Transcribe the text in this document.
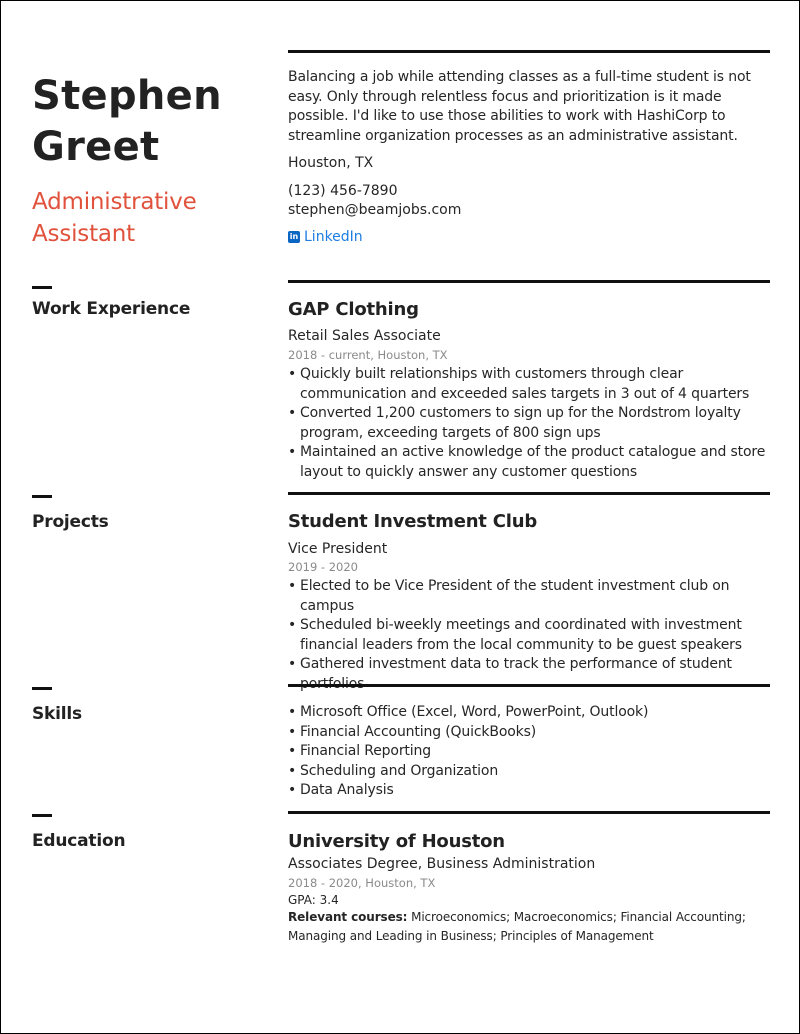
Stephen
Greet
Administrative
Assistant
Balancing a job while attending classes as a full-time student is not easy. Only through relentless focus and prioritization is it made possible. I'd like to use those abilities to work with HashiCorp to streamline organization processes as an administrative assistant.
Houston, TX
(123) 456-7890
stephen@beamjobs.com
in LinkedIn
Work Experience	GAP Clothing
Retail Sales Associate
2018 - current, Houston, TX
• Quickly built relationships with customers through clear communication and exceeded sales targets in 3 out of 4 quarters
• Converted 1,200 customers to sign up for the Nordstrom loyalty program, exceeding targets of 800 sign ups
• Maintained an active knowledge of the product catalogue and store layout to quickly answer any customer questions
Projects	Student Investment Club
Vice President
2019 - 2020
• Elected to be Vice President of the student investment club on campus
• Scheduled bi-weekly meetings and coordinated with investment financial leaders from the local community to be guest speakers
• Gathered investment data to track the performance of student
Skills	• Microsoft Office (Excel, Word, PowerPoint, Outlook)
• Financial Accounting (QuickBooks)
• Financial Reporting
• Scheduling and Organization
• Data Analysis
Education	University of Houston
Associates Degree, Business Administration
2018 - 2020, Houston, TX
GPA: 3.4
Relevant courses: Microeconomics; Macroeconomics; Financial Accounting; Managing and Leading in Business; Principles of Management
